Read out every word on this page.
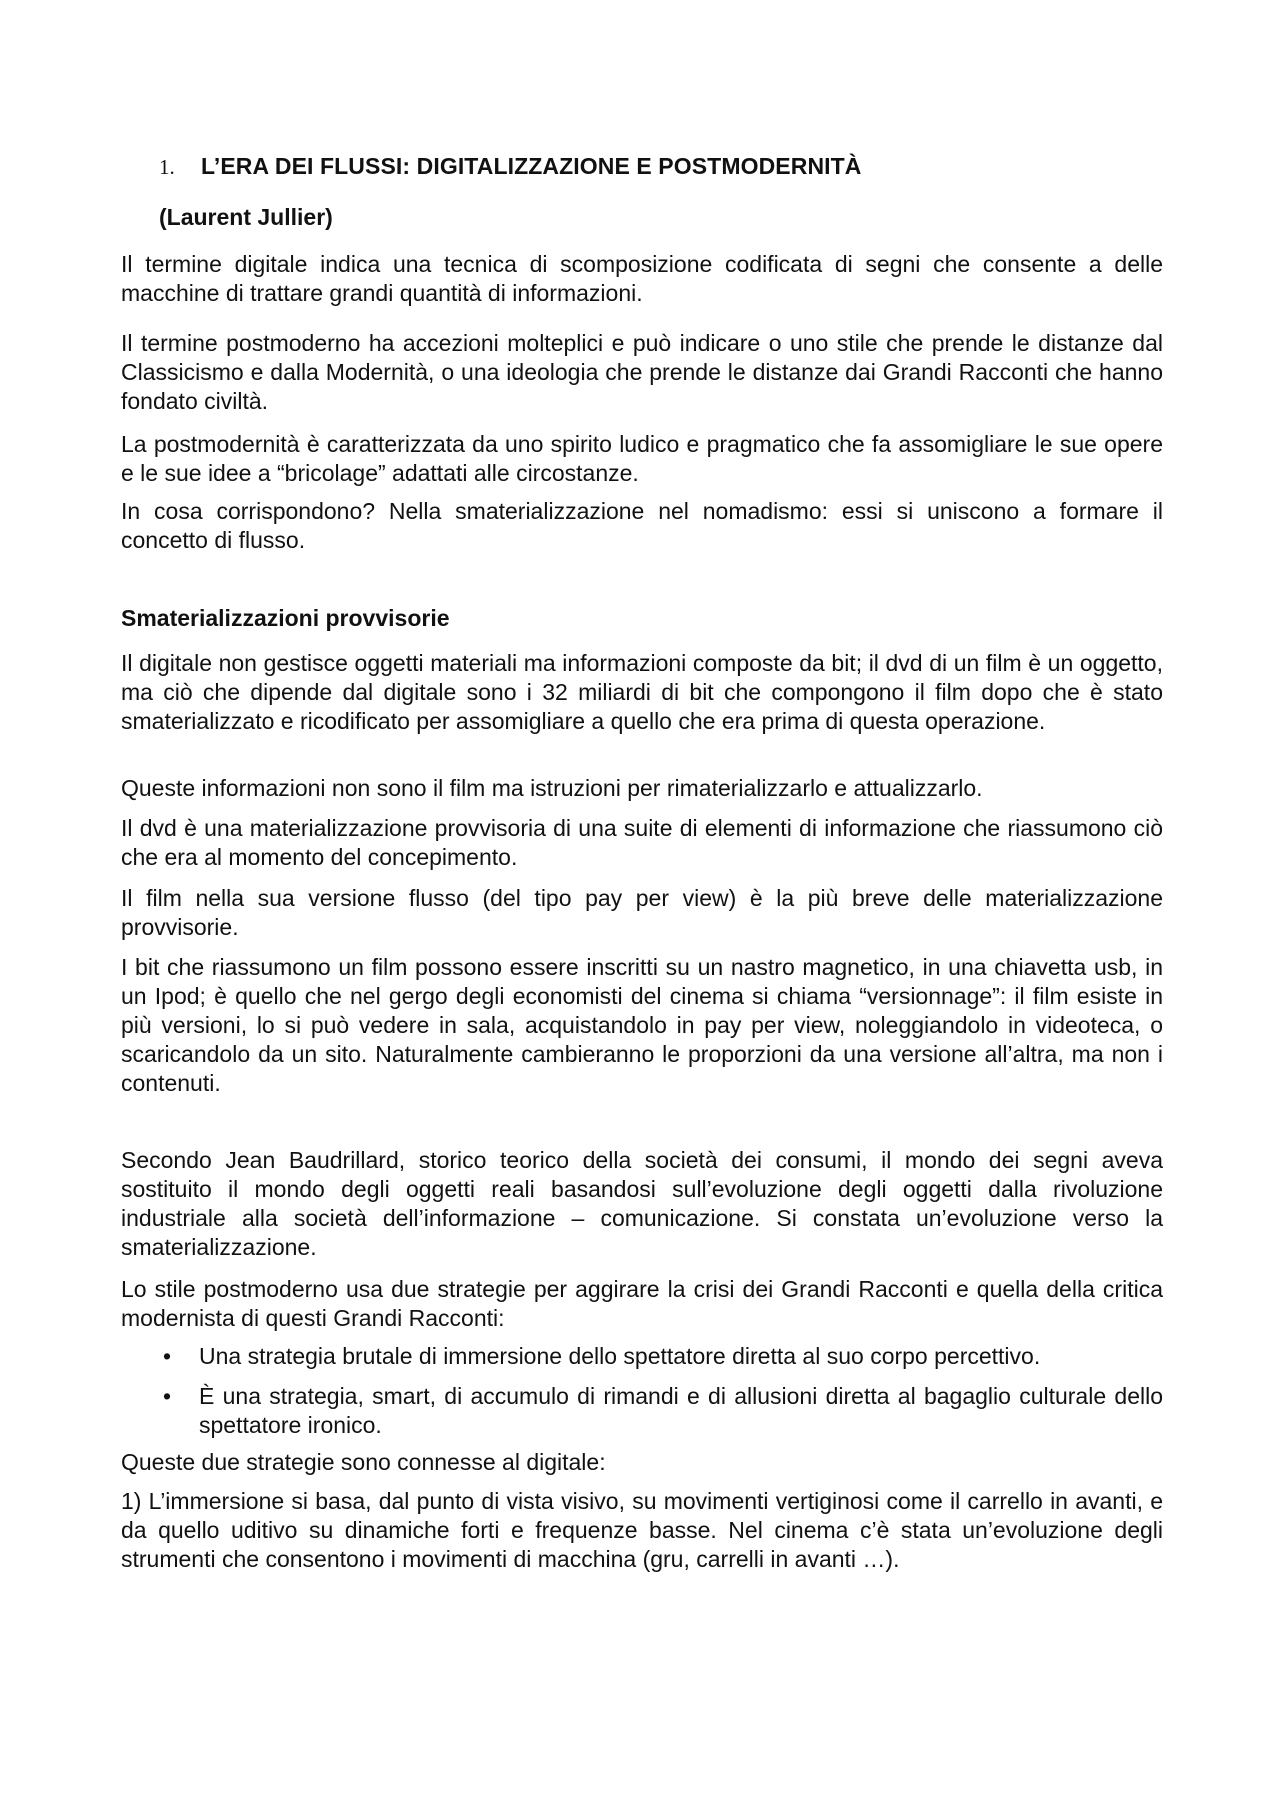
1. L’ERA DEI FLUSSI: DIGITALIZZAZIONE E POSTMODERNITÀ

(Laurent Jullier)

Il termine digitale indica una tecnica di scomposizione codificata di segni che consente a delle macchine di trattare grandi quantità di informazioni.

Il termine postmoderno ha accezioni molteplici e può indicare o uno stile che prende le distanze dal Classicismo e dalla Modernità, o una ideologia che prende le distanze dai Grandi Racconti che hanno fondato civiltà.

La postmodernità è caratterizzata da uno spirito ludico e pragmatico che fa assomigliare le sue opere e le sue idee a “bricolage” adattati alle circostanze.

In cosa corrispondono? Nella smaterializzazione nel nomadismo: essi si uniscono a formare il concetto di flusso.

Smaterializzazioni provvisorie

Il digitale non gestisce oggetti materiali ma informazioni composte da bit; il dvd di un film è un oggetto, ma ciò che dipende dal digitale sono i 32 miliardi di bit che compongono il film dopo che è stato smaterializzato e ricodificato per assomigliare a quello che era prima di questa operazione.

Queste informazioni non sono il film ma istruzioni per rimaterializzarlo e attualizzarlo.

Il dvd è una materializzazione provvisoria di una suite di elementi di informazione che riassumono ciò che era al momento del concepimento.

Il film nella sua versione flusso (del tipo pay per view) è la più breve delle materializzazione provvisorie.

I bit che riassumono un film possono essere inscritti su un nastro magnetico, in una chiavetta usb, in un Ipod; è quello che nel gergo degli economisti del cinema si chiama “versionnage”: il film esiste in più versioni, lo si può vedere in sala, acquistandolo in pay per view, noleggiandolo in videoteca, o scaricandolo da un sito. Naturalmente cambieranno le proporzioni da una versione all’altra, ma non i contenuti.

Secondo Jean Baudrillard, storico teorico della società dei consumi, il mondo dei segni aveva sostituito il mondo degli oggetti reali basandosi sull’evoluzione degli oggetti dalla rivoluzione industriale alla società dell’informazione – comunicazione. Si constata un’evoluzione verso la smaterializzazione.

Lo stile postmoderno usa due strategie per aggirare la crisi dei Grandi Racconti e quella della critica modernista di questi Grandi Racconti:

• Una strategia brutale di immersione dello spettatore diretta al suo corpo percettivo.
• È una strategia, smart, di accumulo di rimandi e di allusioni diretta al bagaglio culturale dello spettatore ironico.

Queste due strategie sono connesse al digitale:

1) L’immersione si basa, dal punto di vista visivo, su movimenti vertiginosi come il carrello in avanti, e da quello uditivo su dinamiche forti e frequenze basse. Nel cinema c’è stata un’evoluzione degli strumenti che consentono i movimenti di macchina (gru, carrelli in avanti …).
